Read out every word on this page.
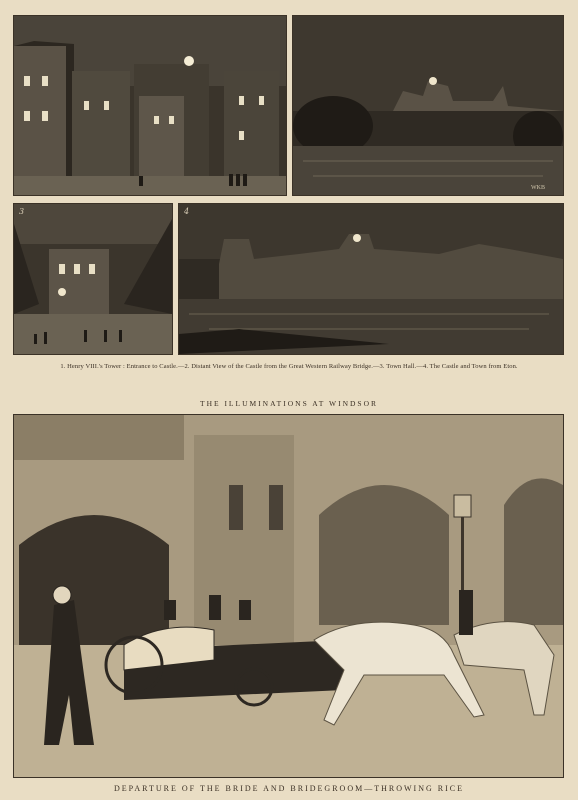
WKB
3	4
1. Henry VIII.'s Tower : Entrance to Castle.—2. Distant View of the Castle from the Great Western Railway Bridge.—3. Town Hall.—4. The Castle and Town from Eton.
THE ILLUMINATIONS AT WINDSOR
DEPARTURE OF THE BRIDE AND BRIDEGROOM—THROWING RICE
